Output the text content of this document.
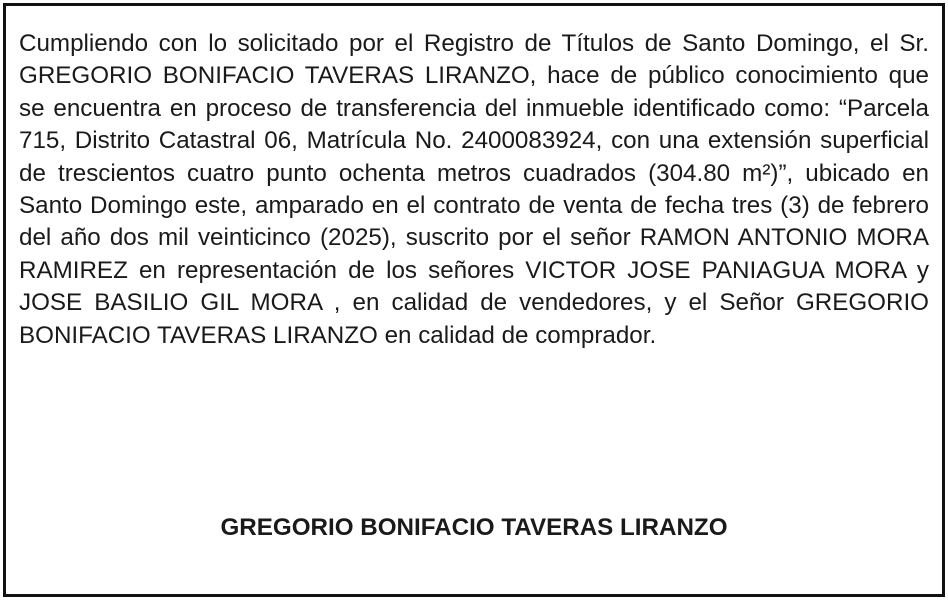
Cumpliendo con lo solicitado por el Registro de Títulos de Santo Domingo, el Sr. GREGORIO BONIFACIO TAVERAS LIRANZO, hace de público conocimiento que se encuentra en proceso de transferencia del inmueble identificado como: “Parcela 715, Distrito Catastral 06, Matrícula No. 2400083924, con una extensión superficial de trescientos cuatro punto ochenta metros cuadrados (304.80 m²)”, ubicado en Santo Domingo este, amparado en el contrato de venta de fecha tres (3) de febrero del año dos mil veinticinco (2025), suscrito por el señor RAMON ANTONIO MORA RAMIREZ en representación de los señores VICTOR JOSE PANIAGUA MORA y JOSE BASILIO GIL MORA , en calidad de vendedores, y el Señor GREGORIO BONIFACIO TAVERAS LIRANZO en calidad de comprador.

GREGORIO BONIFACIO TAVERAS LIRANZO
